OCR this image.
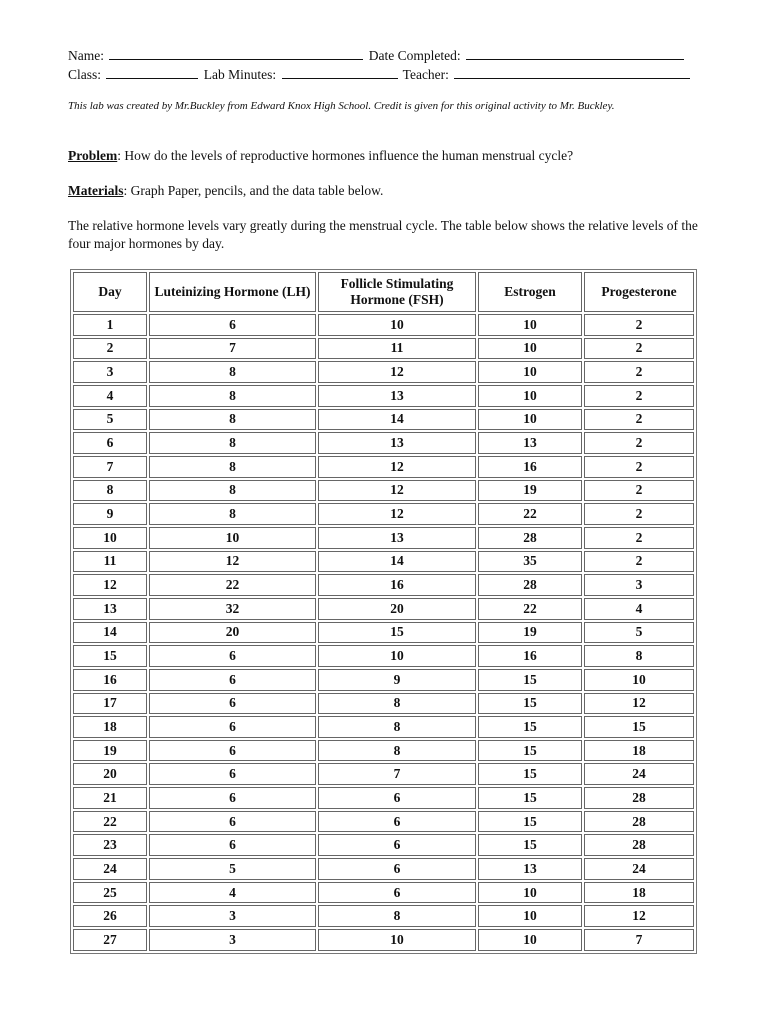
Name:	Date Completed:
Class:	Lab Minutes:	Teacher:
This lab was created by Mr.Buckley from Edward Knox High School. Credit is given for this original activity to Mr. Buckley.
Problem: How do the levels of reproductive hormones influence the human menstrual cycle?
Materials: Graph Paper, pencils, and the data table below.
The relative hormone levels vary greatly during the menstrual cycle. The table below shows the relative levels of the four major hormones by day.
Day	Luteinizing Hormone (LH)	Follicle Stimulating Hormone (FSH)	Estrogen	Progesterone
1	6	10	10	2
2	7	11	10	2
3	8	12	10	2
4	8	13	10	2
5	8	14	10	2
6	8	13	13	2
7	8	12	16	2
8	8	12	19	2
9	8	12	22	2
10	10	13	28	2
11	12	14	35	2
12	22	16	28	3
13	32	20	22	4
14	20	15	19	5
15	6	10	16	8
16	6	9	15	10
17	6	8	15	12
18	6	8	15	15
19	6	8	15	18
20	6	7	15	24
21	6	6	15	28
22	6	6	15	28
23	6	6	15	28
24	5	6	13	24
25	4	6	10	18
26	3	8	10	12
27	3	10	10	7
